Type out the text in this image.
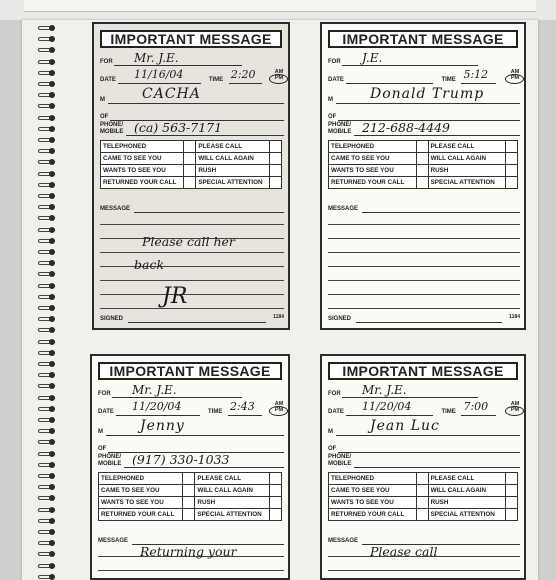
IMPORTANT MESSAGE
FOR Mr. J.E.
DATE 11/16/04	TIME 2:20	AM
PM
M	CACHA
OF
PHONE/ MOBILE (ca) 563-7171
TELEPHONED		PLEASE CALL	
CAME TO SEE YOU		WILL CALL AGAIN	
WANTS TO SEE YOU		RUSH	
RETURNED YOUR CALL		SPECIAL ATTENTION	
MESSAGE
Please call her
back
SIGNED
JR
1184
IMPORTANT MESSAGE
FOR J.E.
DATE	TIME 5:12	AM
PM
M	Donald Trump
OF
PHONE/ MOBILE 212-688-4449
TELEPHONED		PLEASE CALL	
CAME TO SEE YOU		WILL CALL AGAIN	
WANTS TO SEE YOU		RUSH	
RETURNED YOUR CALL		SPECIAL ATTENTION	
MESSAGE
SIGNED	1184
IMPORTANT MESSAGE
FOR Mr. J.E.
DATE 11/20/04	TIME 2:43	AM
PM
M	Jenny
OF
PHONE/ MOBILE (917) 330-1033
TELEPHONED		PLEASE CALL	
CAME TO SEE YOU		WILL CALL AGAIN	
WANTS TO SEE YOU		RUSH	
RETURNED YOUR CALL		SPECIAL ATTENTION	
MESSAGE
Returning your
IMPORTANT MESSAGE
FOR Mr. J.E.
DATE 11/20/04	TIME 7:00	AM
PM
M	Jean Luc
OF
PHONE/ MOBILE
TELEPHONED		PLEASE CALL	
CAME TO SEE YOU		WILL CALL AGAIN	
WANTS TO SEE YOU		RUSH	
RETURNED YOUR CALL		SPECIAL ATTENTION	
MESSAGE
Please call
